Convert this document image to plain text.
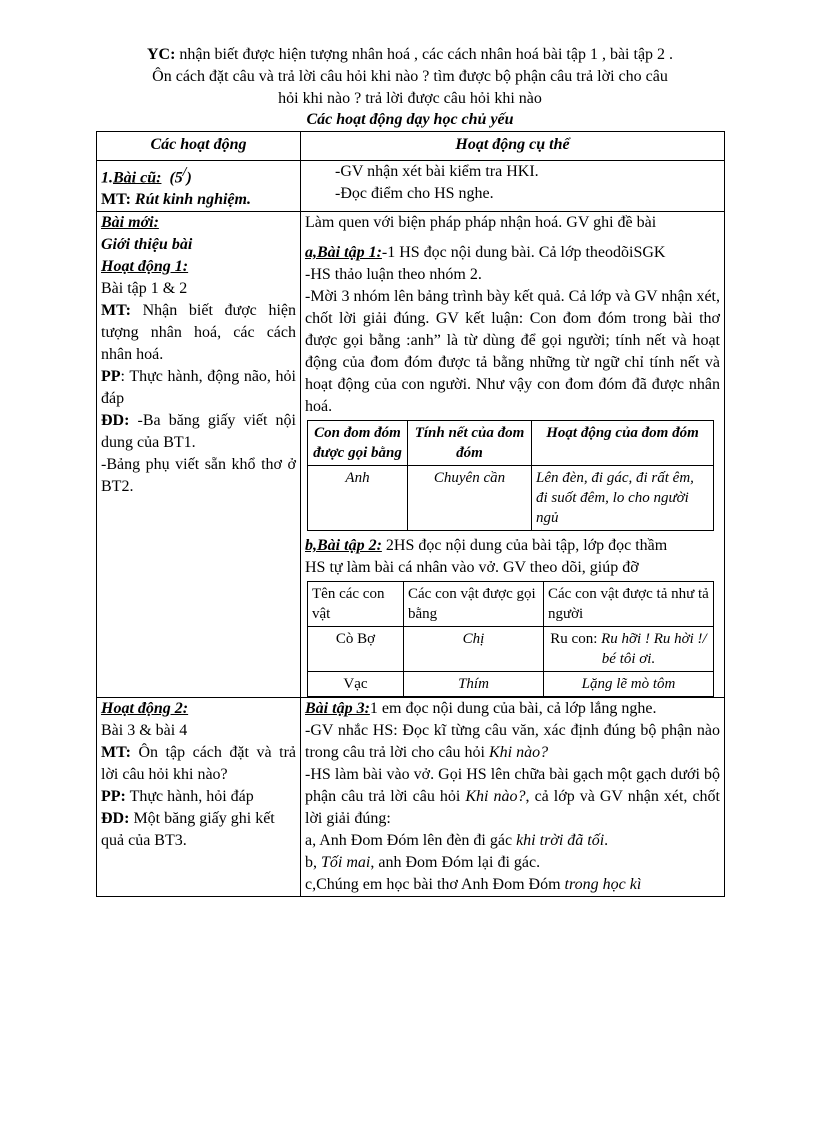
YC: nhận biết được hiện tượng nhân hoá , các cách nhân hoá bài tập 1 , bài tập 2 .
Ôn cách đặt câu và trả lời câu hỏi khi nào ? tìm được bộ phận câu trả lời cho câu
hỏi khi nào ? trả lời được câu hỏi khi nào
Các hoạt động dạy học chủ yếu
Các hoạt động	Hoạt động cụ thể

1.Bài cũ: (5/)
MT: Rút kinh nghiệm.

-GV nhận xét bài kiểm tra HKI.
-Đọc điểm cho HS nghe.

Bài mới:
Giới thiệu bài
Hoạt động 1:
Bài tập 1 & 2
MT: Nhận biết được hiện tượng nhân hoá, các cách nhân hoá.
PP: Thực hành, động não, hỏi đáp
ĐD: -Ba băng giấy viết nội dung của BT1.
-Bảng phụ viết sẵn khổ thơ ở BT2.

Làm quen với biện pháp pháp nhận hoá. GV ghi đề bài
a,Bài tập 1:-1 HS đọc nội dung bài. Cả lớp theodõiSGK
-HS thảo luận theo nhóm 2.
-Mời 3 nhóm lên bảng trình bày kết quả. Cả lớp và GV nhận xét, chốt lời giải đúng. GV kết luận: Con đom đóm trong bài thơ được gọi bằng :anh” là từ dùng để gọi người; tính nết và hoạt động của đom đóm được tả bằng những từ ngữ chỉ tính nết và hoạt động của con người. Như vậy con đom đóm đã được nhân hoá.
Con đom đóm được gọi bằng	Tính nết của đom đóm	Hoạt động của đom đóm
Anh	Chuyên cần	Lên đèn, đi gác, đi rất êm, đi suốt đêm, lo cho người ngủ
b,Bài tập 2: 2HS đọc nội dung của bài tập, lớp đọc thầm
HS tự làm bài cá nhân vào vở. GV theo dõi, giúp đỡ
Tên các con vật	Các con vật được gọi bằng	Các con vật được tả như tả người
Cò Bợ	Chị	Ru con: Ru hỡi ! Ru hời !/ bé tôi ơi.
Vạc	Thím	Lặng lẽ mò tôm

Hoạt động 2:
Bài 3 & bài 4
MT: Ôn tập cách đặt và trả lời câu hỏi khi nào?
PP: Thực hành, hỏi đáp
ĐD: Một băng giấy ghi kết quả của BT3.

Bài tập 3:1 em đọc nội dung của bài, cả lớp lắng nghe.
-GV nhắc HS: Đọc kĩ từng câu văn, xác định đúng bộ phận nào trong câu trả lời cho câu hỏi Khi nào?
-HS làm bài vào vở. Gọi HS lên chữa bài gạch một gạch dưới bộ phận câu trả lời câu hỏi Khi nào?, cả lớp và GV nhận xét, chốt lời giải đúng:
a, Anh Đom Đóm lên đèn đi gác khi trời đã tối.
b, Tối mai, anh Đom Đóm lại đi gác.
c,Chúng em học bài thơ Anh Đom Đóm trong học kì
